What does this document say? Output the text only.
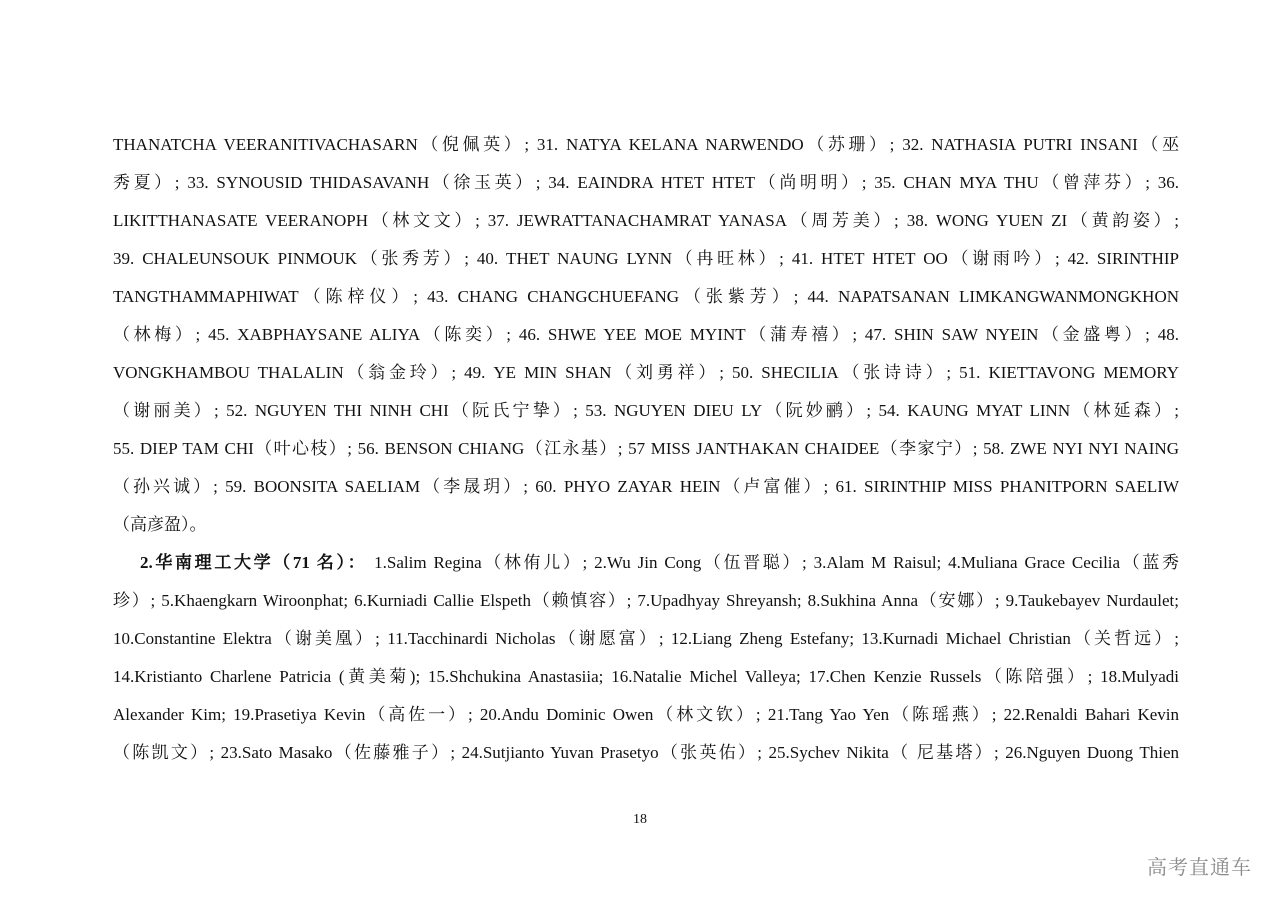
THANATCHA VEERANITIVACHASARN（倪佩英）; 31. NATYA KELANA NARWENDO（苏珊）; 32. NATHASIA PUTRI INSANI（巫
秀夏）; 33. SYNOUSID THIDASAVANH（徐玉英）; 34. EAINDRA HTET HTET（尚明明）; 35. CHAN MYA THU（曾萍芬）; 36.
LIKITTHANASATE VEERANOPH（林文文）; 37. JEWRATTANACHAMRAT YANASA（周芳美）; 38. WONG YUEN ZI（黄韵姿）;
39. CHALEUNSOUK PINMOUK（张秀芳）; 40. THET NAUNG LYNN（冉旺林）; 41. HTET HTET OO（谢雨吟）; 42. SIRINTHIP
TANGTHAMMAPHIWAT（陈梓仪）; 43. CHANG CHANGCHUEFANG（张紫芳）; 44. NAPATSANAN LIMKANGWANMONGKHON
（林梅）; 45. XABPHAYSANE ALIYA（陈奕）; 46. SHWE YEE MOE MYINT（蒲寿禧）; 47. SHIN SAW NYEIN（金盛粤）; 48.
VONGKHAMBOU THALALIN（翁金玲）; 49. YE MIN SHAN（刘勇祥）; 50. SHECILIA（张诗诗）; 51. KIETTAVONG MEMORY
（谢丽美）; 52. NGUYEN THI NINH CHI（阮氏宁挚）; 53. NGUYEN DIEU LY（阮妙鹂）; 54. KAUNG MYAT LINN（林延森）;
55. DIEP TAM CHI（叶心枝）; 56. BENSON CHIANG（江永基）; 57 MISS JANTHAKAN CHAIDEE（李家宁）; 58. ZWE NYI NYI NAING
（孙兴诚）; 59. BOONSITA SAELIAM（李晟玥）; 60. PHYO ZAYAR HEIN（卢富催）; 61. SIRINTHIP MISS PHANITPORN SAELIW
（高彦盈）。
2.华南理工大学（71 名）： 1.Salim Regina（林侑儿）; 2.Wu Jin Cong（伍晋聪）; 3.Alam M Raisul; 4.Muliana Grace Cecilia（蓝秀
珍）; 5.Khaengkarn Wiroonphat; 6.Kurniadi Callie Elspeth（赖慎容）; 7.Upadhyay Shreyansh; 8.Sukhina Anna（安娜）; 9.Taukebayev Nurdaulet;
10.Constantine Elektra（谢美凰）; 11.Tacchinardi Nicholas（谢愿富）; 12.Liang Zheng Estefany; 13.Kurnadi Michael Christian（关哲远）;
14.Kristianto Charlene Patricia (黄美菊); 15.Shchukina Anastasiia; 16.Natalie Michel Valleya; 17.Chen Kenzie Russels（陈陪强）; 18.Mulyadi
Alexander Kim; 19.Prasetiya Kevin（高佐一）; 20.Andu Dominic Owen（林文钦）; 21.Tang Yao Yen（陈瑶燕）; 22.Renaldi Bahari Kevin
（陈凯文）; 23.Sato Masako（佐藤雅子）; 24.Sutjianto Yuvan Prasetyo（张英佑）; 25.Sychev Nikita（ 尼基塔）; 26.Nguyen Duong Thien
18
高考直通车
